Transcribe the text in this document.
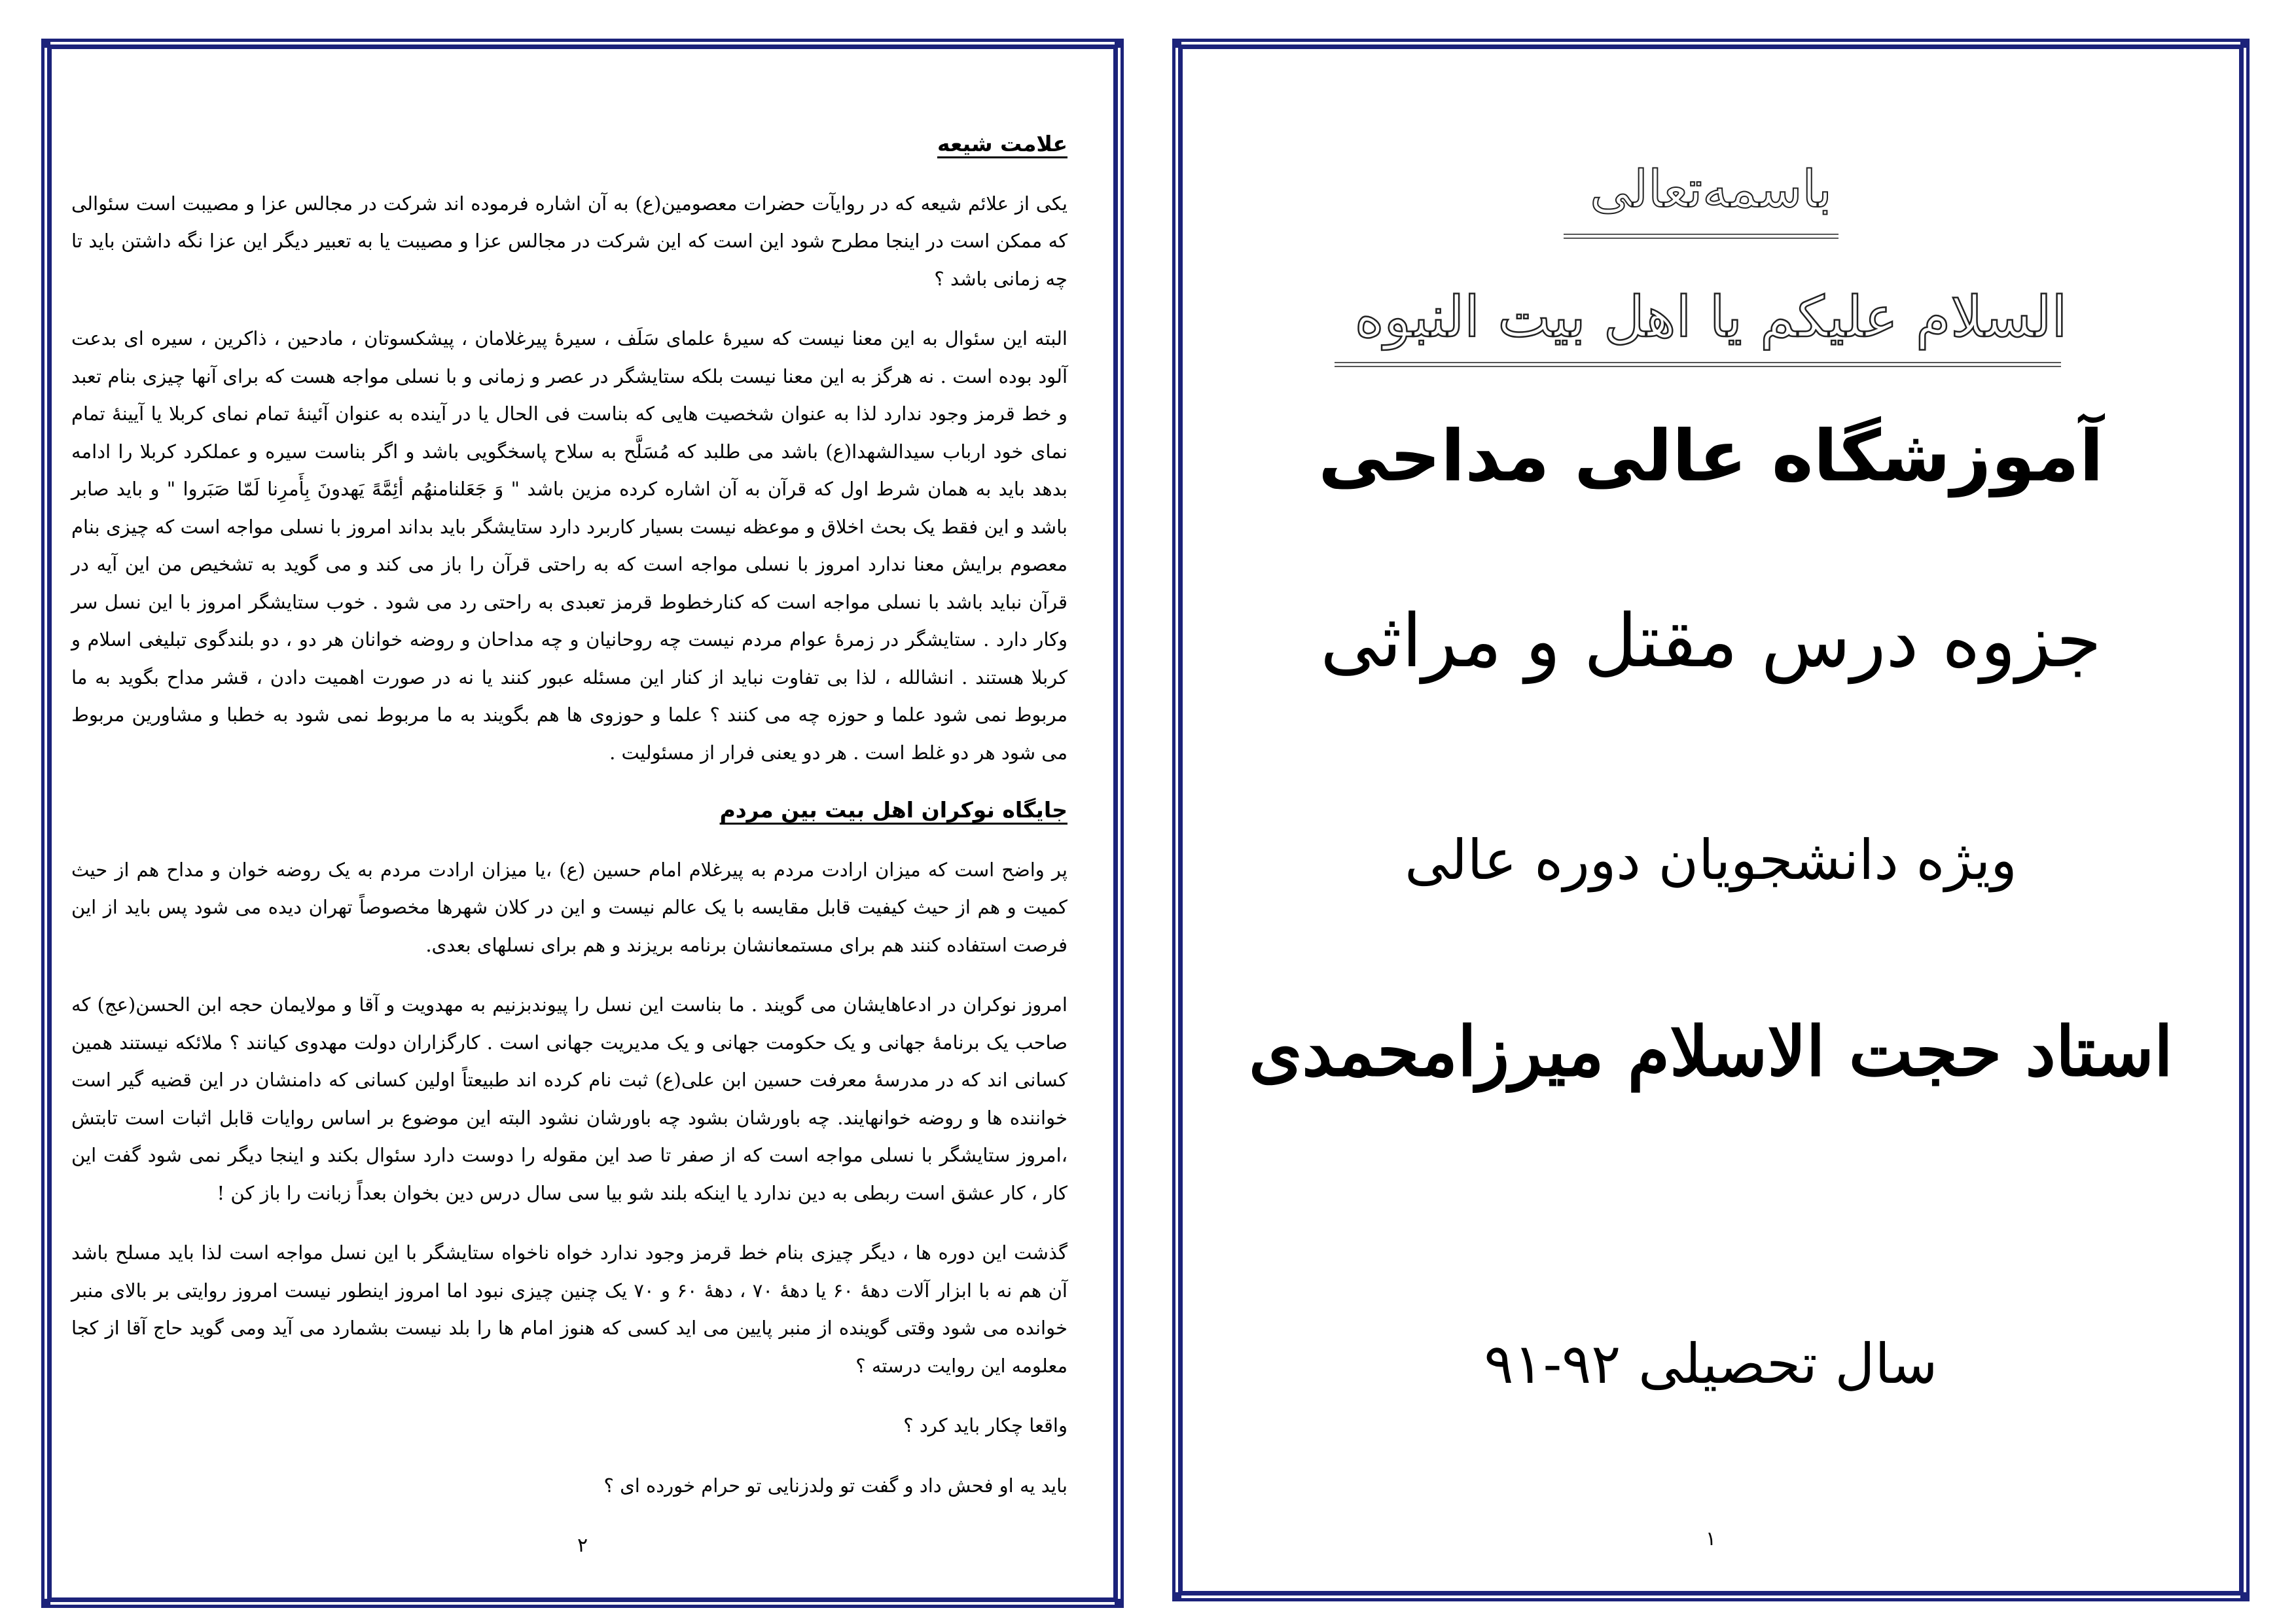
علامت شیعه

یکی از علائم شیعه که در روایآت حضرات معصومین(ع) به آن اشاره فرموده اند شرکت در مجالس عزا و مصیبت است سئوالی که ممکن است در اینجا مطرح شود این است که این شرکت در مجالس عزا و مصیبت یا به تعبیر دیگر این عزا نگه داشتن باید تا چه زمانی باشد ؟

البته این سئوال به این معنا نیست که سیرهٔ علمای سَلَف ، سیرهٔ پیرغلامان ، پیشکسوتان ، مادحین ، ذاکرین ، سیره ای بدعت آلود بوده است . نه هرگز به این معنا نیست بلکه ستایشگر در عصر و زمانی و با نسلی مواجه هست که برای آنها چیزی بنام تعبد و خط قرمز وجود ندارد لذا به عنوان شخصیت هایی که بناست فی الحال یا در آینده به عنوان آئینهٔ تمام نمای کربلا یا آیینهٔ تمام نمای خود ارباب سیدالشهدا(ع) باشد می طلبد که مُسَلَّح به سلاح پاسخگویی باشد و اگر بناست سیره و عملکرد کربلا را ادامه بدهد باید به همان شرط اول که قرآن به آن اشاره کرده مزین باشد " وَ جَعَلنامنهُم أئِمَّهً یَهدونَ بِأَمرِنا لَمّا صَبَروا " و باید صابر باشد و این فقط یک بحث اخلاق و موعظه نیست بسیار کاربرد دارد ستایشگر باید بداند امروز با نسلی مواجه است که چیزی بنام معصوم برایش معنا ندارد امروز با نسلی مواجه است که به راحتی قرآن را باز می کند و می گوید به تشخیص من این آیه در قرآن نباید باشد با نسلی مواجه است که کنارخطوط قرمز تعبدی به راحتی رد می شود . خوب ستایشگر امروز با این نسل سر وکار دارد . ستایشگر در زمرهٔ عوام مردم نیست چه روحانیان و چه مداحان و روضه خوانان هر دو ، دو بلندگوی تبلیغی اسلام و کربلا هستند . انشالله ، لذا بی تفاوت نباید از کنار این مسئله عبور کنند یا نه در صورت اهمیت دادن ، قشر مداح بگوید به ما مربوط نمی شود علما و حوزه چه می کنند ؟ علما و حوزوی ها هم بگویند به ما مربوط نمی شود به خطبا و مشاورین مربوط می شود هر دو غلط است . هر دو یعنی فرار از مسئولیت .

جایگاه نوکران اهل بیت بین مردم

پر واضح است که میزان ارادت مردم به پیرغلام امام حسین (ع) ،یا میزان ارادت مردم به یک روضه خوان و مداح هم از حیث کمیت و هم از حیث کیفیت قابل مقایسه با یک عالم نیست و این در کلان شهرها مخصوصاً تهران دیده می شود پس باید از این فرصت استفاده کنند هم برای مستمعانشان برنامه بریزند و هم برای نسلهای بعدی.

امروز نوکران در ادعاهایشان می گویند . ما بناست این نسل را پیوندبزنیم به مهدویت و آقا و مولایمان حجه ابن الحسن(عج) که صاحب یک برنامهٔ جهانی و یک حکومت جهانی و یک مدیریت جهانی است . کارگزاران دولت مهدوی کیانند ؟ ملائکه نیستند همین کسانی اند که در مدرسهٔ معرفت حسین ابن علی(ع) ثبت نام کرده اند طبیعتاً اولین کسانی که دامنشان در این قضیه گیر است خواننده ها و روضه خوانهایند. چه باورشان بشود چه باورشان نشود البته این موضوع بر اساس روایات قابل اثبات است تابتش ،امروز ستایشگر با نسلی مواجه است که از صفر تا صد این مقوله را دوست دارد سئوال بکند و اینجا دیگر نمی شود گفت این کار ، کار عشق است ربطی به دین ندارد یا اینکه بلند شو بیا سی سال درس دین بخوان بعداً زبانت را باز کن !

گذشت این دوره ها ، دیگر چیزی بنام خط قرمز وجود ندارد خواه ناخواه ستایشگر با این نسل مواجه است لذا باید مسلح باشد آن هم نه با ابزار آلات دههٔ ۶۰ یا دههٔ ۷۰ ، دههٔ ۶۰ و ۷۰ یک چنین چیزی نبود اما امروز اینطور نیست امروز روایتی بر بالای منبر خوانده می شود وقتی گوینده از منبر پایین می اید کسی که هنوز امام ها را بلد نیست بشمارد می آید ومی گوید حاج آقا از کجا معلومه این روایت درسته ؟

واقعا چکار باید کرد ؟

باید یه او فحش داد و گفت تو ولدزنایی تو حرام خورده ای ؟

۲
باسمه‌تعالی
السلام علیکم یا اهل بیت النبوه
آموزشگاه عالی مداحی
جزوه درس مقتل و مراثی
ویژه دانشجویان دوره عالی
استاد حجت الاسلام میرزامحمدی
سال تحصیلی ۹۲-۹۱
۱
